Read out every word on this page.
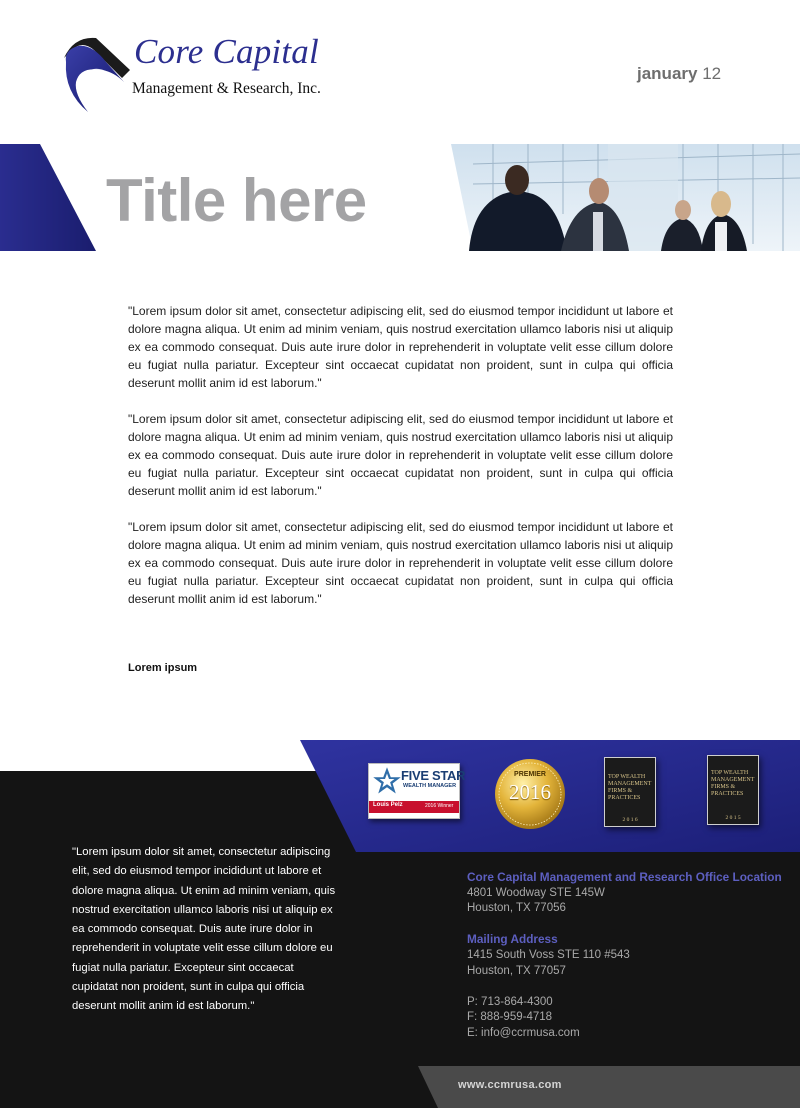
Core Capital
Management & Research, Inc.
january 12
Title here

"Lorem ipsum dolor sit amet, consectetur adipiscing elit, sed do eiusmod tempor incididunt ut labore et dolore magna aliqua. Ut enim ad minim veniam, quis nostrud exercitation ullamco laboris nisi ut aliquip ex ea commodo consequat. Duis aute irure dolor in reprehenderit in voluptate velit esse cillum dolore eu fugiat nulla pariatur. Excepteur sint occaecat cupidatat non proident, sunt in culpa qui officia deserunt mollit anim id est laborum."

"Lorem ipsum dolor sit amet, consectetur adipiscing elit, sed do eiusmod tempor incididunt ut labore et dolore magna aliqua. Ut enim ad minim veniam, quis nostrud exercitation ullamco laboris nisi ut aliquip ex ea commodo consequat. Duis aute irure dolor in reprehenderit in voluptate velit esse cillum dolore eu fugiat nulla pariatur. Excepteur sint occaecat cupidatat non proident, sunt in culpa qui officia deserunt mollit anim id est laborum."

"Lorem ipsum dolor sit amet, consectetur adipiscing elit, sed do eiusmod tempor incididunt ut labore et dolore magna aliqua. Ut enim ad minim veniam, quis nostrud exercitation ullamco laboris nisi ut aliquip ex ea commodo consequat. Duis aute irure dolor in reprehenderit in voluptate velit esse cillum dolore eu fugiat nulla pariatur. Excepteur sint occaecat cupidatat non proident, sunt in culpa qui officia deserunt mollit anim id est laborum."

Lorem ipsum
FIVE STAR
WEALTH MANAGER
Louis Pelz	2016 Winner
PREMIER
2016
TOP WEALTH MANAGEMENT FIRMS & PRACTICES
2 0 1 6
TOP WEALTH MANAGEMENT FIRMS & PRACTICES
2 0 1 5
"Lorem ipsum dolor sit amet, consectetur adipiscing elit, sed do eiusmod tempor incididunt ut labore et dolore magna aliqua. Ut enim ad minim veniam, quis nostrud exercitation ullamco laboris nisi ut aliquip ex ea commodo consequat. Duis aute irure dolor in reprehenderit in voluptate velit esse cillum dolore eu fugiat nulla pariatur. Excepteur sint occaecat cupidatat non proident, sunt in culpa qui officia deserunt mollit anim id est laborum."
Core Capital Management and Research Office Location
4801 Woodway STE 145W
Houston, TX 77056
Mailing Address
1415 South Voss STE 110 #543
Houston, TX 77057
P: 713-864-4300
F: 888-959-4718
E: info@ccrmusa.com
www.ccmrusa.com
